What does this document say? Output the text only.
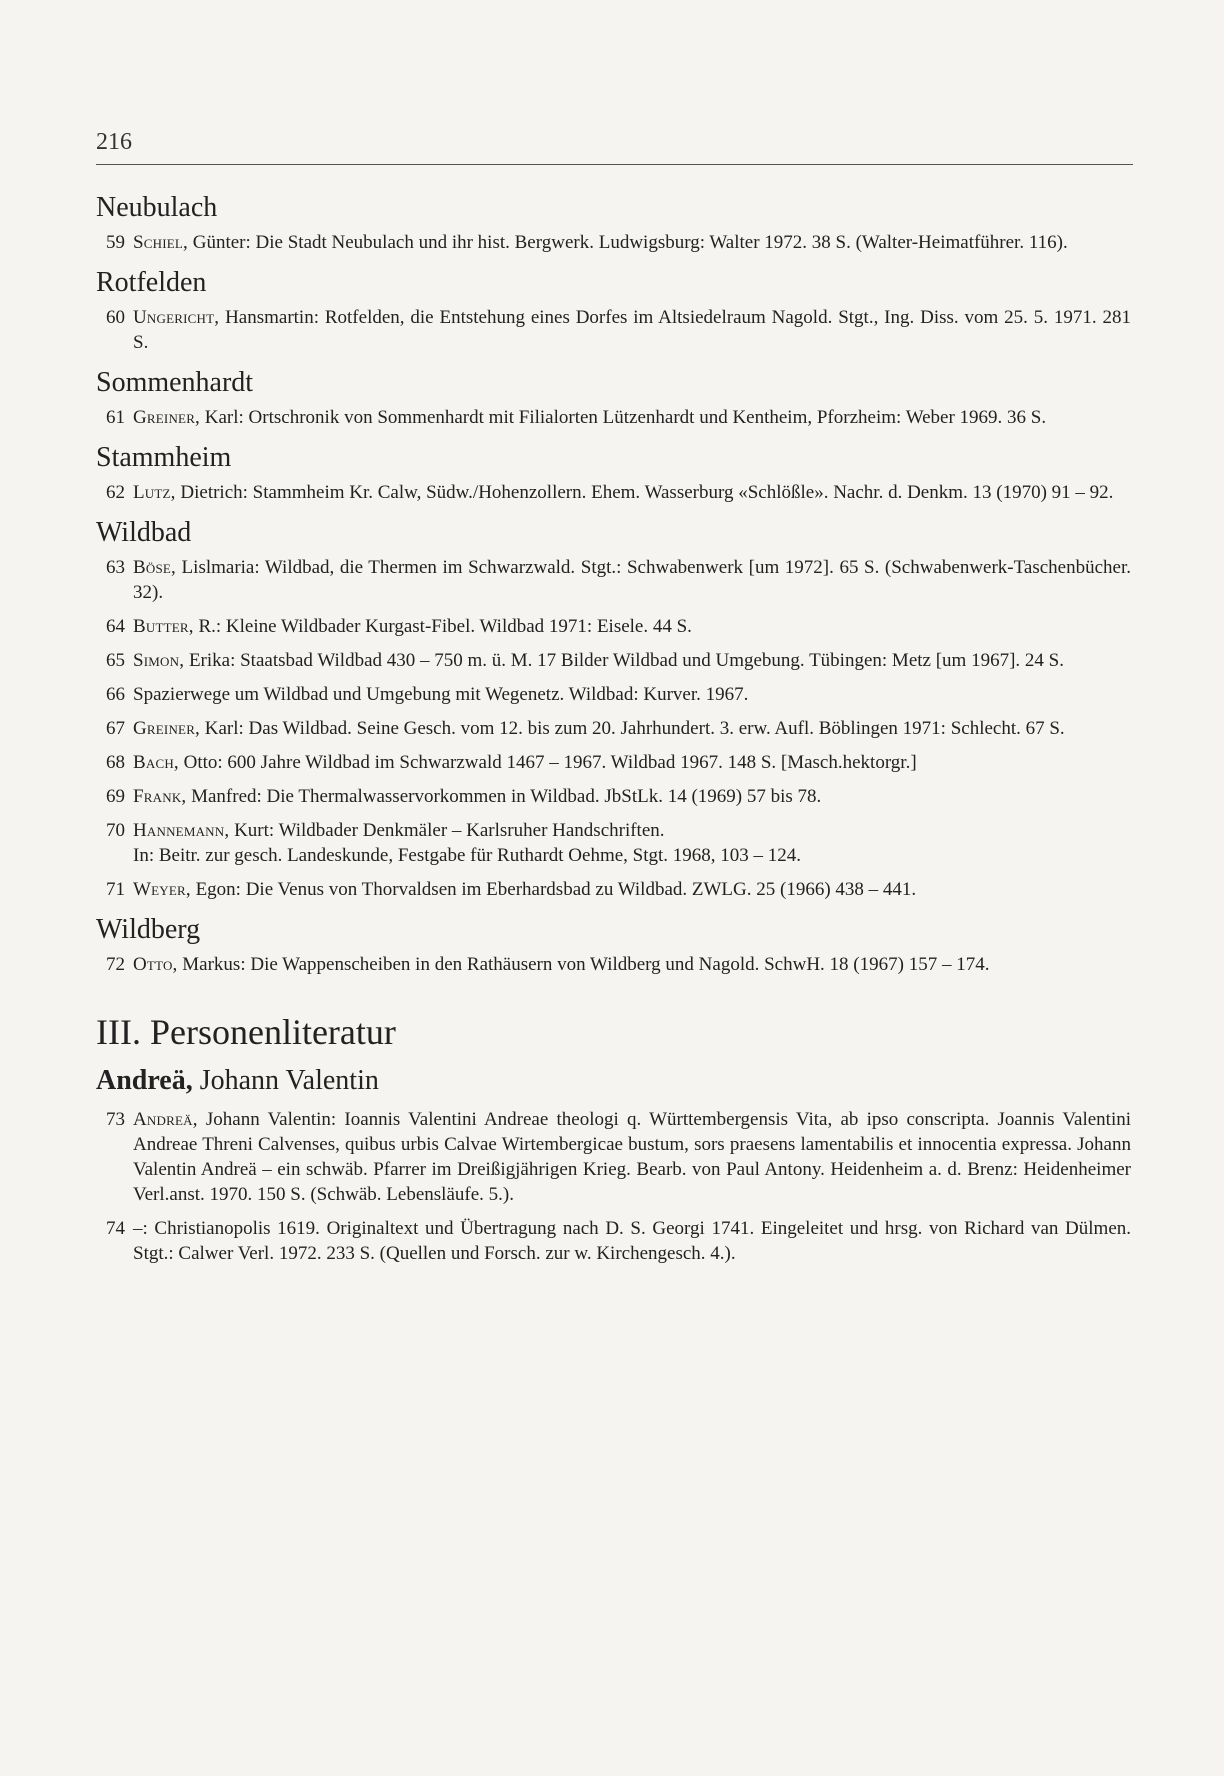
216
Neubulach
59 Schiel, Günter: Die Stadt Neubulach und ihr hist. Bergwerk. Ludwigsburg: Walter 1972. 38 S. (Walter-Heimatführer. 116).
Rotfelden
60 Ungericht, Hansmartin: Rotfelden, die Entstehung eines Dorfes im Altsiedelraum Nagold. Stgt., Ing. Diss. vom 25. 5. 1971. 281 S.
Sommenhardt
61 Greiner, Karl: Ortschronik von Sommenhardt mit Filialorten Lützenhardt und Kentheim, Pforzheim: Weber 1969. 36 S.
Stammheim
62 Lutz, Dietrich: Stammheim Kr. Calw, Südw./Hohenzollern. Ehem. Wasserburg «Schlößle». Nachr. d. Denkm. 13 (1970) 91 – 92.
Wildbad
63 Böse, Lislmaria: Wildbad, die Thermen im Schwarzwald. Stgt.: Schwabenwerk [um 1972]. 65 S. (Schwabenwerk-Taschenbücher. 32).
64 Butter, R.: Kleine Wildbader Kurgast-Fibel. Wildbad 1971: Eisele. 44 S.
65 Simon, Erika: Staatsbad Wildbad 430 – 750 m. ü. M. 17 Bilder Wildbad und Umgebung. Tübingen: Metz [um 1967]. 24 S.
66 Spazierwege um Wildbad und Umgebung mit Wegenetz. Wildbad: Kurver. 1967.
67 Greiner, Karl: Das Wildbad. Seine Gesch. vom 12. bis zum 20. Jahrhundert. 3. erw. Aufl. Böblingen 1971: Schlecht. 67 S.
68 Bach, Otto: 600 Jahre Wildbad im Schwarzwald 1467 – 1967. Wildbad 1967. 148 S. [Masch.hektorgr.]
69 Frank, Manfred: Die Thermalwasservorkommen in Wildbad. JbStLk. 14 (1969) 57 bis 78.
70 Hannemann, Kurt: Wildbader Denkmäler – Karlsruher Handschriften.
In: Beitr. zur gesch. Landeskunde, Festgabe für Ruthardt Oehme, Stgt. 1968, 103 – 124.
71 Weyer, Egon: Die Venus von Thorvaldsen im Eberhardsbad zu Wildbad. ZWLG. 25 (1966) 438 – 441.
Wildberg
72 Otto, Markus: Die Wappenscheiben in den Rathäusern von Wildberg und Nagold. SchwH. 18 (1967) 157 – 174.
III. Personenliteratur
Andreä, Johann Valentin
73 Andreä, Johann Valentin: Ioannis Valentini Andreae theologi q. Württembergensis Vita, ab ipso conscripta. Joannis Valentini Andreae Threni Calvenses, quibus urbis Calvae Wirtembergicae bustum, sors praesens lamentabilis et innocentia expressa. Johann Valentin Andreä – ein schwäb. Pfarrer im Dreißigjährigen Krieg. Bearb. von Paul Antony. Heidenheim a. d. Brenz: Heidenheimer Verl.anst. 1970. 150 S. (Schwäb. Lebensläufe. 5.).
74 –: Christianopolis 1619. Originaltext und Übertragung nach D. S. Georgi 1741. Eingeleitet und hrsg. von Richard van Dülmen. Stgt.: Calwer Verl. 1972. 233 S. (Quellen und Forsch. zur w. Kirchengesch. 4.).
